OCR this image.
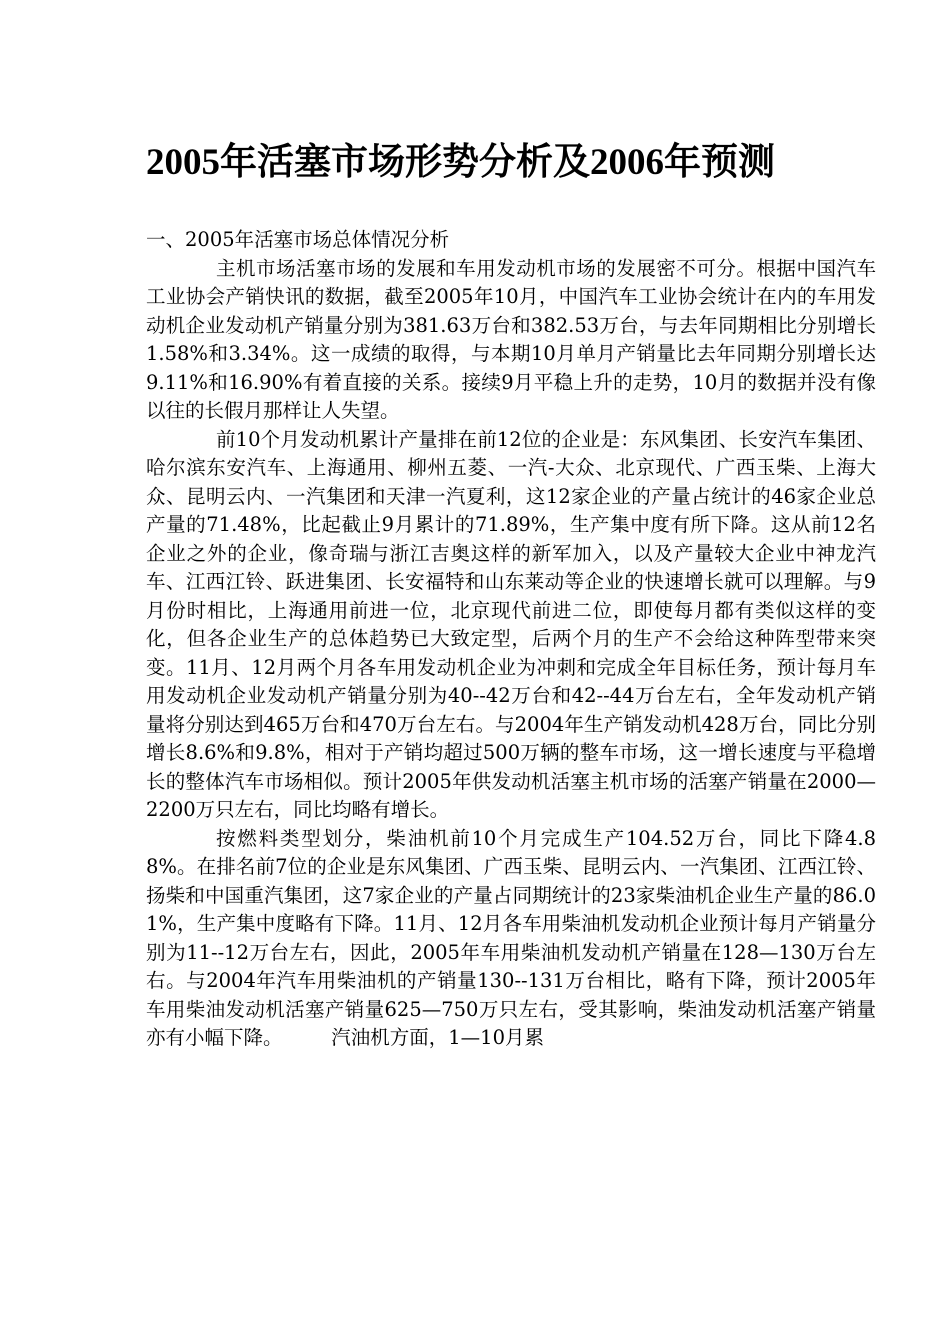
2005年活塞市场形势分析及2006年预测

一、2005年活塞市场总体情况分析

主机市场活塞市场的发展和车用发动机市场的发展密不可分。根据中国汽车工业协会产销快讯的数据，截至2005年10月，中国汽车工业协会统计在内的车用发动机企业发动机产销量分别为381.63万台和382.53万台，与去年同期相比分别增长1.58%和3.34%。这一成绩的取得，与本期10月单月产销量比去年同期分别增长达9.11%和16.90%有着直接的关系。接续9月平稳上升的走势，10月的数据并没有像以往的长假月那样让人失望。

前10个月发动机累计产量排在前12位的企业是：东风集团、长安汽车集团、哈尔滨东安汽车、上海通用、柳州五菱、一汽-大众、北京现代、广西玉柴、上海大众、昆明云内、一汽集团和天津一汽夏利，这12家企业的产量占统计的46家企业总产量的71.48%，比起截止9月累计的71.89%，生产集中度有所下降。这从前12名企业之外的企业，像奇瑞与浙江吉奥这样的新军加入，以及产量较大企业中神龙汽车、江西江铃、跃进集团、长安福特和山东莱动等企业的快速增长就可以理解。与9月份时相比，上海通用前进一位，北京现代前进二位，即使每月都有类似这样的变化，但各企业生产的总体趋势已大致定型，后两个月的生产不会给这种阵型带来突变。11月、12月两个月各车用发动机企业为冲刺和完成全年目标任务，预计每月车用发动机企业发动机产销量分别为40--42万台和42--44万台左右，全年发动机产销量将分别达到465万台和470万台左右。与2004年生产销发动机428万台，同比分别增长8.6%和9.8%，相对于产销均超过500万辆的整车市场，这一增长速度与平稳增长的整体汽车市场相似。预计2005年供发动机活塞主机市场的活塞产销量在2000—2200万只左右，同比均略有增长。

按燃料类型划分，柴油机前10个月完成生产104.52万台，同比下降4.88%。在排名前7位的企业是东风集团、广西玉柴、昆明云内、一汽集团、江西江铃、扬柴和中国重汽集团，这7家企业的产量占同期统计的23家柴油机企业生产量的86.01%，生产集中度略有下降。11月、12月各车用柴油机发动机企业预计每月产销量分别为11--12万台左右，因此，2005年车用柴油机发动机产销量在128—130万台左右。与2004年汽车用柴油机的产销量130--131万台相比，略有下降，预计2005年车用柴油发动机活塞产销量625—750万只左右，受其影响，柴油发动机活塞产销量亦有小幅下降。　　　汽油机方面，1—10月累
